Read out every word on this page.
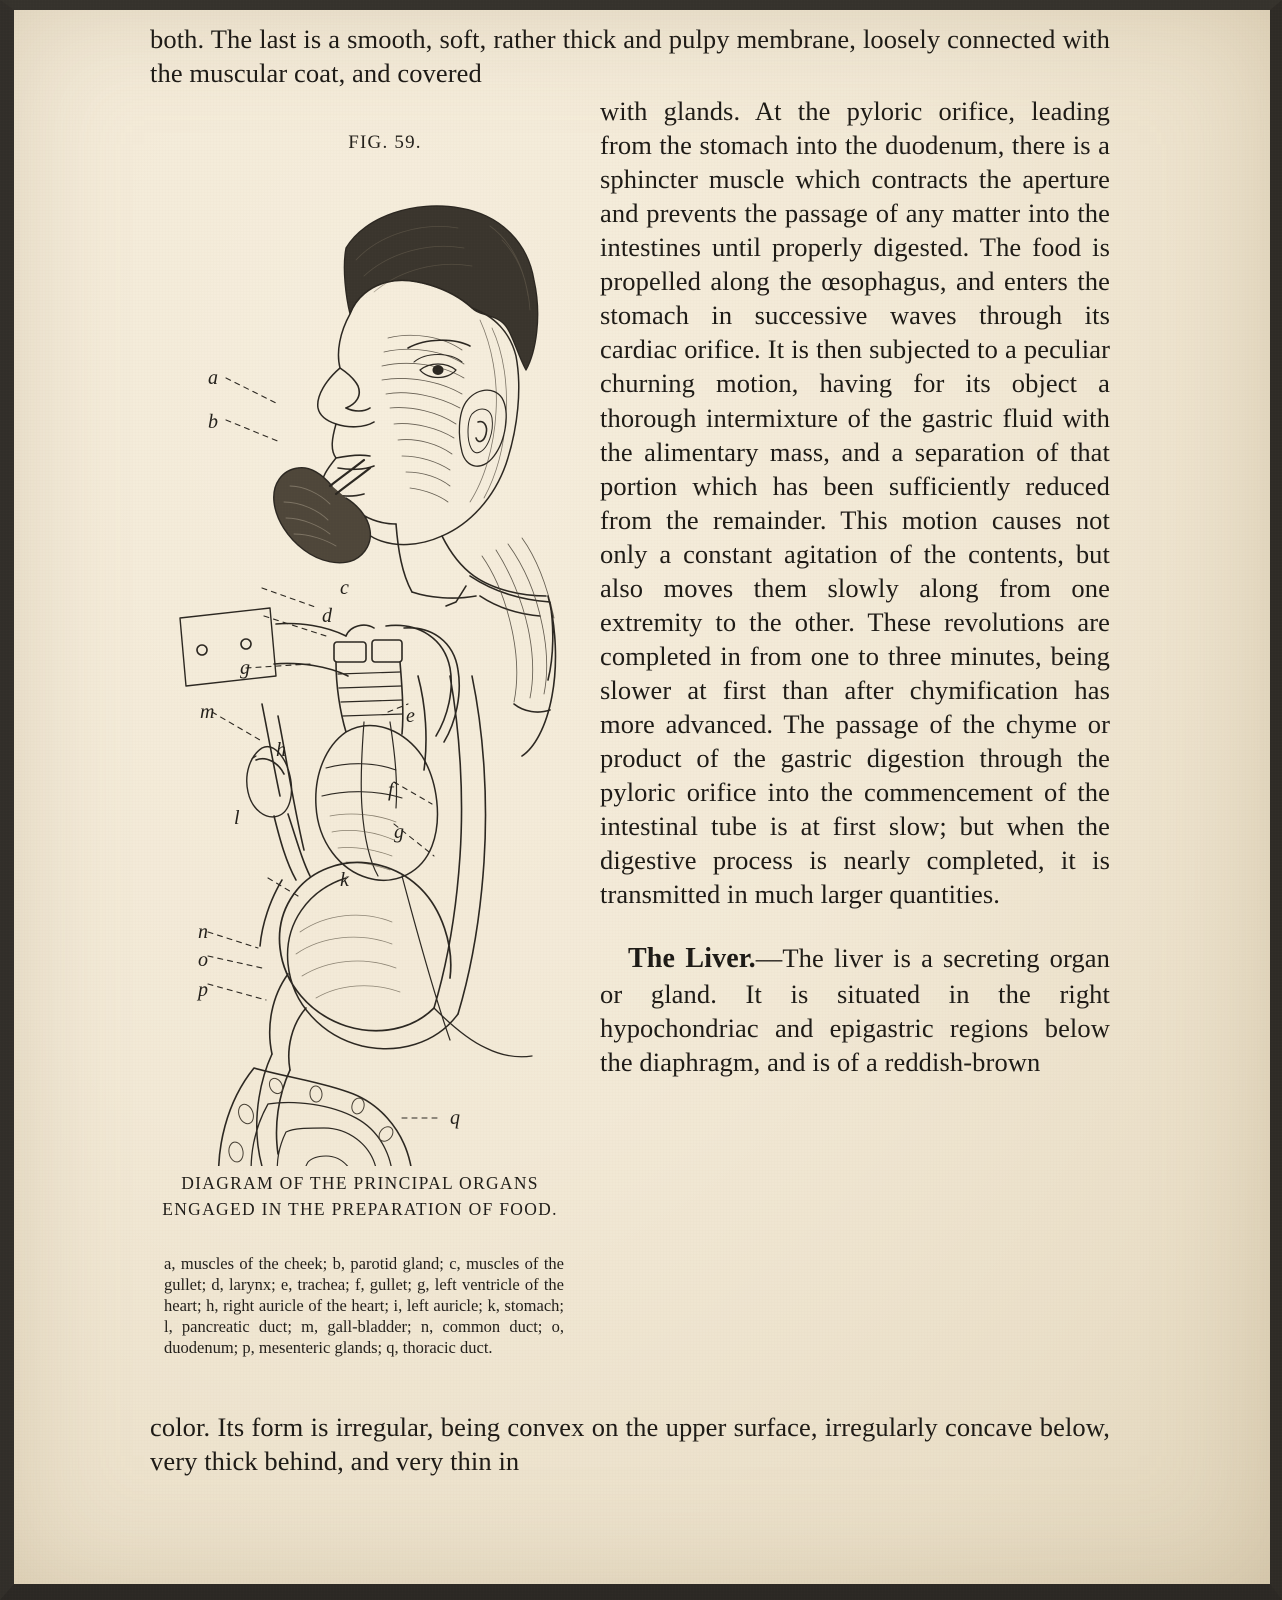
both. The last is a smooth, soft, rather thick and pulpy membrane, loosely connected with the muscular coat, and covered

FIG. 59.
a
b
c
d
e
g
m
h
l
f
g
k
n
o
p
q
DIAGRAM OF THE PRINCIPAL ORGANS ENGAGED IN THE PREPARATION OF FOOD.
a, muscles of the cheek; b, parotid gland; c, muscles of the gullet; d, larynx; e, trachea; f, gullet; g, left ventricle of the heart; h, right auricle of the heart; i, left auricle; k, stomach; l, pancreatic duct; m, gall-bladder; n, common duct; o, duodenum; p, mesenteric glands; q, thoracic duct.

with glands. At the pyloric orifice, leading from the stomach into the duodenum, there is a sphincter muscle which contracts the aperture and prevents the passage of any matter into the intestines until properly digested. The food is propelled along the œsophagus, and enters the stomach in successive waves through its cardiac orifice. It is then subjected to a peculiar churning motion, having for its object a thorough intermixture of the gastric fluid with the alimentary mass, and a separation of that portion which has been sufficiently reduced from the remainder. This motion causes not only a constant agitation of the contents, but also moves them slowly along from one extremity to the other. These revolutions are completed in from one to three minutes, being slower at first than after chymification has more advanced. The passage of the chyme or product of the gastric digestion through the pyloric orifice into the commencement of the intestinal tube is at first slow; but when the digestive process is nearly completed, it is transmitted in much larger quantities.

The Liver.—The liver is a secreting organ or gland. It is situated in the right hypochondriac and epigastric regions below the diaphragm, and is of a reddish-brown

color. Its form is irregular, being convex on the upper surface, irregularly concave below, very thick behind, and very thin in
